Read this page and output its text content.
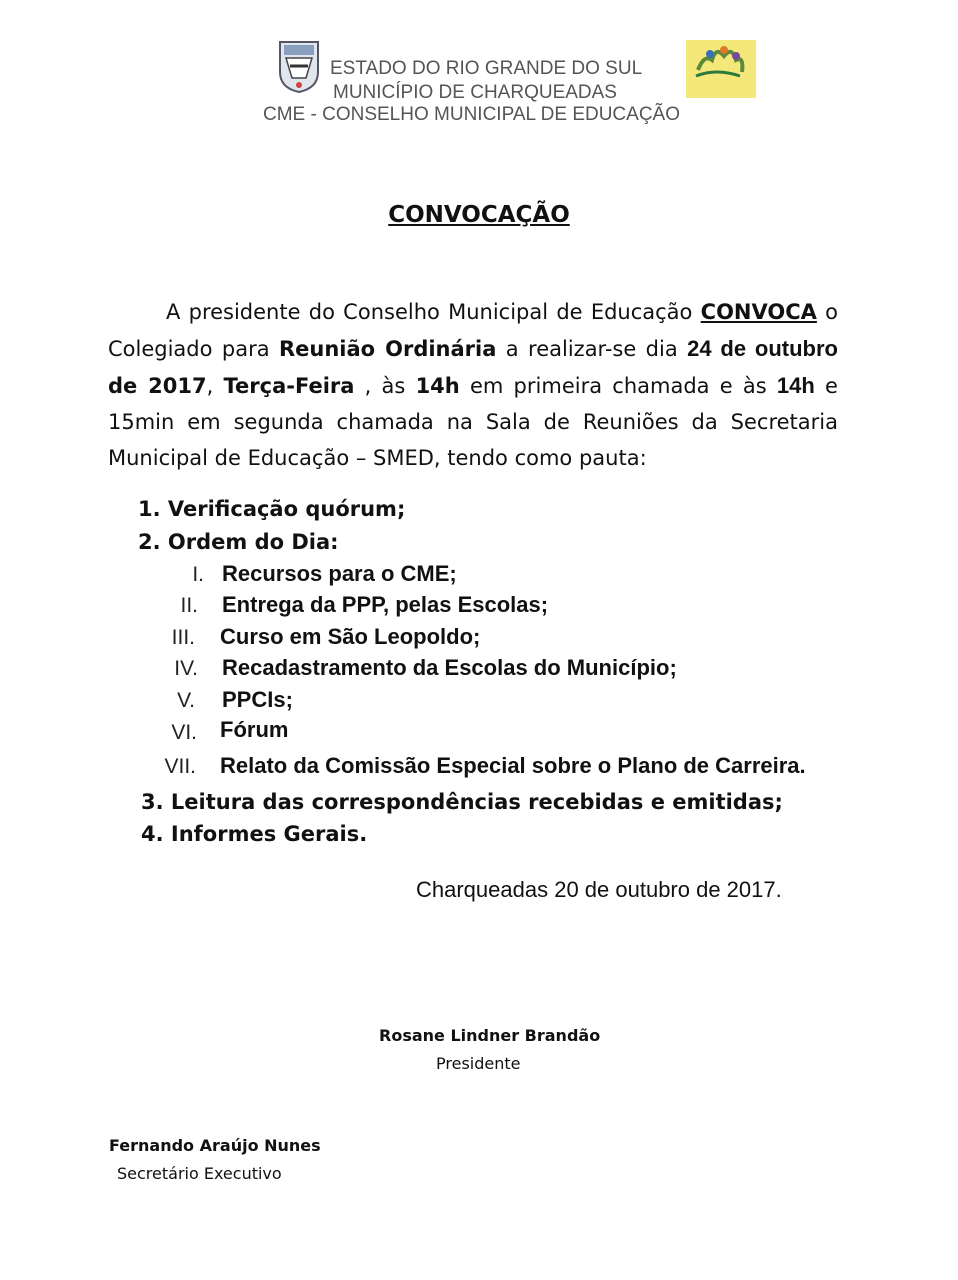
ESTADO DO RIO GRANDE DO SUL
MUNICÍPIO DE CHARQUEADAS
CME - CONSELHO MUNICIPAL DE EDUCAÇÃO
CONVOCAÇÃO
A presidente do Conselho Municipal de Educação CONVOCA o
Colegiado para Reunião Ordinária a realizar-se dia 24 de outubro
de 2017, Terça-Feira , às 14h em primeira chamada e às 14h e
15min em segunda chamada na Sala de Reuniões da Secretaria
Municipal de Educação – SMED, tendo como pauta:
1. Verificação quórum;
2. Ordem do Dia:
I. Recursos para o CME;
II. Entrega da PPP, pelas Escolas;
III. Curso em São Leopoldo;
IV. Recadastramento da Escolas do Município;
V. PPCIs;
VI. Fórum
VII. Relato da Comissão Especial sobre o Plano de Carreira.
3. Leitura das correspondências recebidas e emitidas;
4. Informes Gerais.
Charqueadas 20 de outubro de 2017.
Rosane Lindner Brandão
Presidente
Fernando Araújo Nunes
Secretário Executivo
